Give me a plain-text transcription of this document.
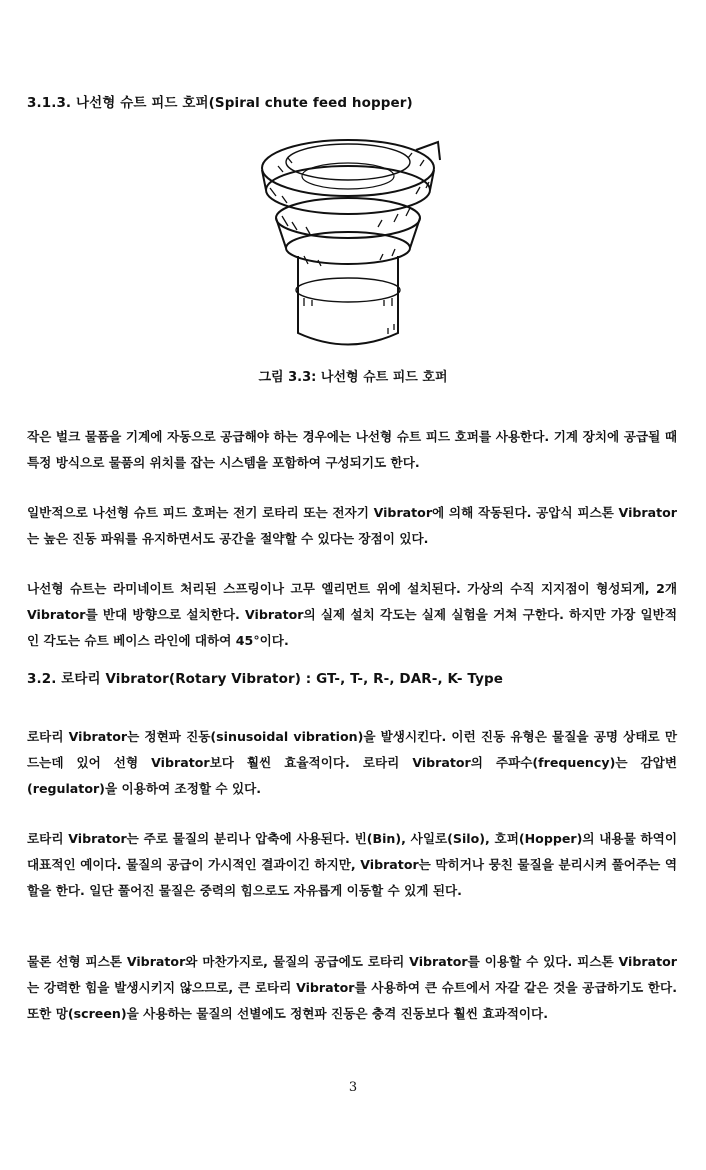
3.1.3. 나선형 슈트 피드 호퍼(Spiral chute feed hopper)
그림 3.3: 나선형 슈트 피드 호퍼

작은 벌크 물품을 기계에 자동으로 공급해야 하는 경우에는 나선형 슈트 피드 호퍼를 사용한다. 기계 장치에 공급될 때 특정 방식으로 물품의 위치를 잡는 시스템을 포함하여 구성되기도 한다.

일반적으로 나선형 슈트 피드 호퍼는 전기 로타리 또는 전자기 Vibrator에 의해 작동된다. 공압식 피스톤 Vibrator는 높은 진동 파워를 유지하면서도 공간을 절약할 수 있다는 장점이 있다.

나선형 슈트는 라미네이트 처리된 스프링이나 고무 엘리먼트 위에 설치된다. 가상의 수직 지지점이 형성되게, 2개 Vibrator를 반대 방향으로 설치한다. Vibrator의 실제 설치 각도는 실제 실험을 거쳐 구한다. 하지만 가장 일반적인 각도는 슈트 베이스 라인에 대하여 45°이다.

3.2. 로타리 Vibrator(Rotary Vibrator) : GT-, T-, R-, DAR-, K- Type

로타리 Vibrator는 정현파 진동(sinusoidal vibration)을 발생시킨다. 이런 진동 유형은 물질을 공명 상태로 만드는데 있어 선형 Vibrator보다 훨씬 효율적이다. 로타리 Vibrator의 주파수(frequency)는 감압변(regulator)을 이용하여 조정할 수 있다.

로타리 Vibrator는 주로 물질의 분리나 압축에 사용된다. 빈(Bin), 사일로(Silo), 호퍼(Hopper)의 내용물 하역이 대표적인 예이다. 물질의 공급이 가시적인 결과이긴 하지만, Vibrator는 막히거나 뭉친 물질을 분리시켜 풀어주는 역할을 한다. 일단 풀어진 물질은 중력의 힘으로도 자유롭게 이동할 수 있게 된다.

물론 선형 피스톤 Vibrator와 마찬가지로, 물질의 공급에도 로타리 Vibrator를 이용할 수 있다. 피스톤 Vibrator는 강력한 힘을 발생시키지 않으므로, 큰 로타리 Vibrator를 사용하여 큰 슈트에서 자갈 같은 것을 공급하기도 한다. 또한 망(screen)을 사용하는 물질의 선별에도 정현파 진동은 충격 진동보다 훨씬 효과적이다.

3
